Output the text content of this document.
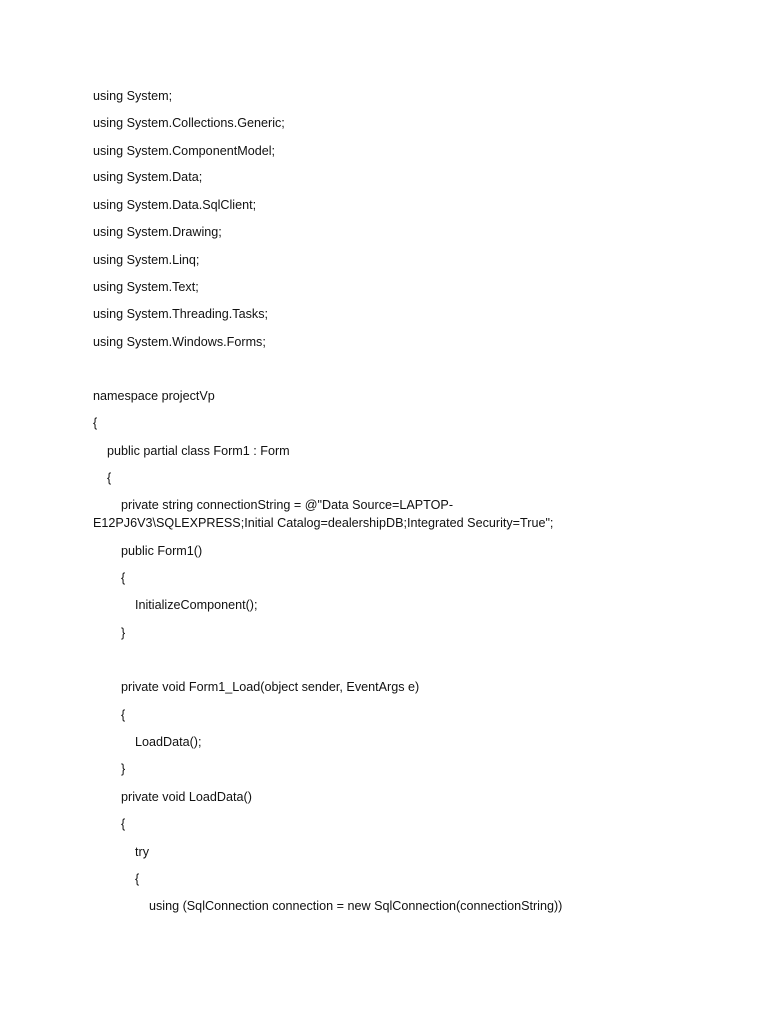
using System;
using System.Collections.Generic;
using System.ComponentModel;
using System.Data;
using System.Data.SqlClient;
using System.Drawing;
using System.Linq;
using System.Text;
using System.Threading.Tasks;
using System.Windows.Forms;
namespace projectVp
{
public partial class Form1 : Form
{
private string connectionString = @"Data Source=LAPTOP-E12PJ6V3\SQLEXPRESS;Initial Catalog=dealershipDB;Integrated Security=True";
public Form1()
{
InitializeComponent();
}
private void Form1_Load(object sender, EventArgs e)
{
LoadData();
}
private void LoadData()
{
try
{
using (SqlConnection connection = new SqlConnection(connectionString))
